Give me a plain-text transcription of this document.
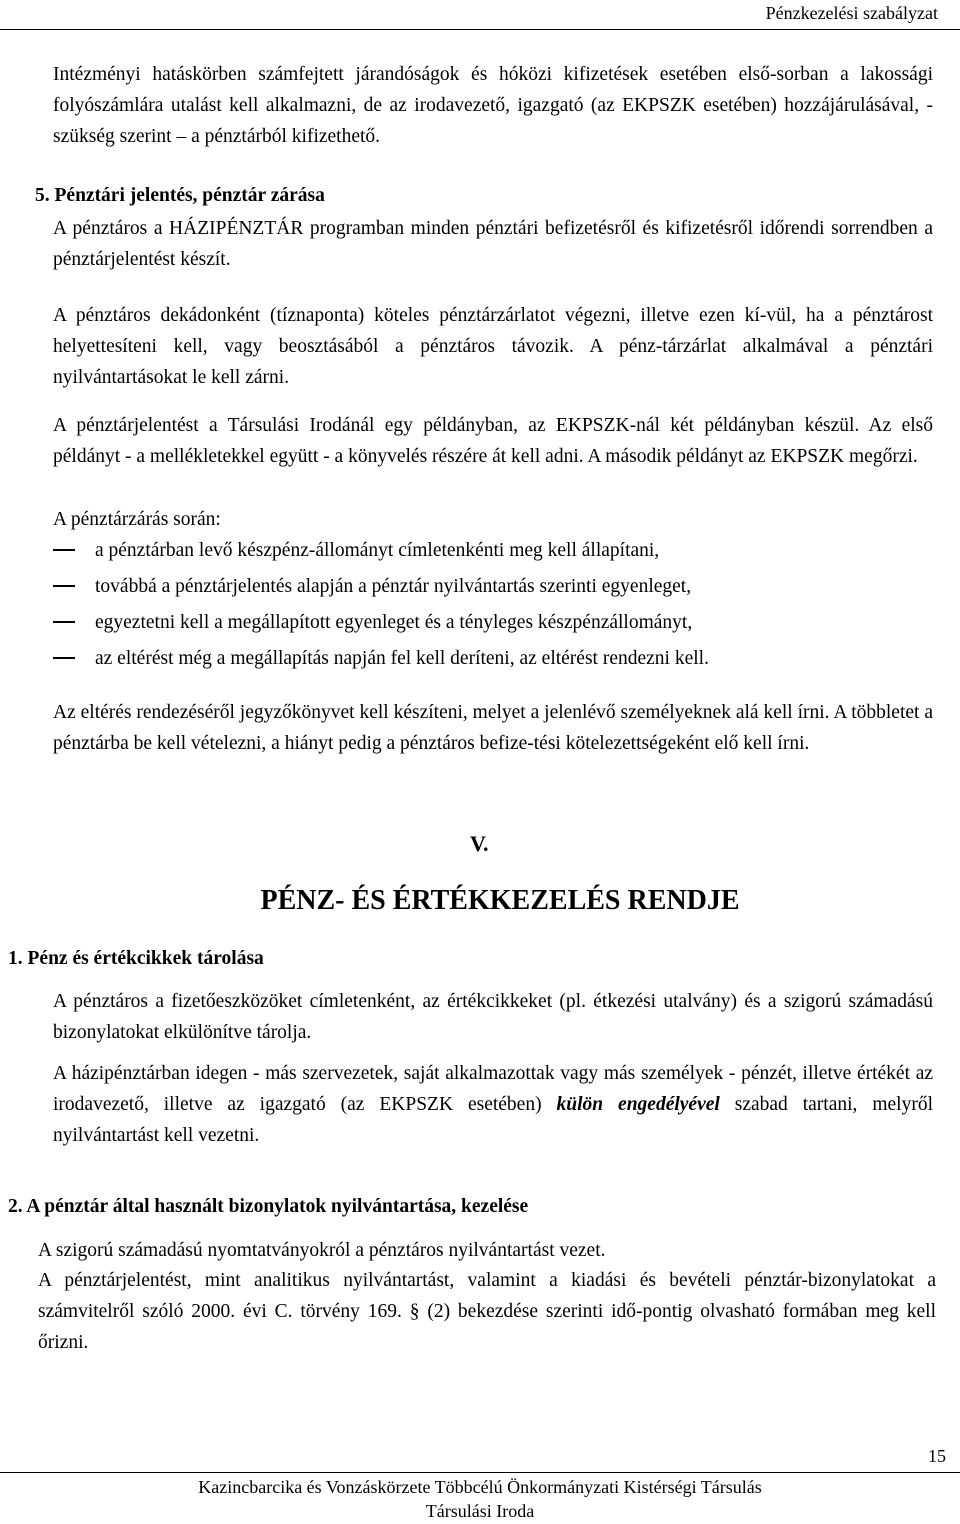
Pénzkezelési szabályzat

Intézményi hatáskörben számfejtett járandóságok és hóközi kifizetések esetében első-sorban a lakossági folyószámlára utalást kell alkalmazni, de az irodavezető, igazgató (az EKPSZK esetében) hozzájárulásával, - szükség szerint – a pénztárból kifizethető.

5. Pénztári jelentés, pénztár zárása

A pénztáros a HÁZIPÉNZTÁR programban minden pénztári befizetésről és kifizetésről időrendi sorrendben a pénztárjelentést készít.

A pénztáros dekádonként (tíznaponta) köteles pénztárzárlatot végezni, illetve ezen kí-vül, ha a pénztárost helyettesíteni kell, vagy beosztásából a pénztáros távozik. A pénz-tárzárlat alkalmával a pénztári nyilvántartásokat le kell zárni.

A pénztárjelentést a Társulási Irodánál egy példányban, az EKPSZK-nál két példányban készül. Az első példányt - a mellékletekkel együtt - a könyvelés részére át kell adni. A második példányt az EKPSZK megőrzi.

A pénztárzárás során:

a pénztárban levő készpénz-állományt címletenkénti meg kell állapítani,
továbbá a pénztárjelentés alapján a pénztár nyilvántartás szerinti egyenleget,
egyeztetni kell a megállapított egyenleget és a tényleges készpénzállományt,
az eltérést még a megállapítás napján fel kell deríteni, az eltérést rendezni kell.

Az eltérés rendezéséről jegyzőkönyvet kell készíteni, melyet a jelenlévő személyeknek alá kell írni. A többletet a pénztárba be kell vételezni, a hiányt pedig a pénztáros befize-tési kötelezettségeként elő kell írni.

V.
PÉNZ- ÉS ÉRTÉKKEZELÉS RENDJE
1. Pénz és értékcikkek tárolása

A pénztáros a fizetőeszközöket címletenként, az értékcikkeket (pl. étkezési utalvány) és a szigorú számadású bizonylatokat elkülönítve tárolja.

A házipénztárban idegen - más szervezetek, saját alkalmazottak vagy más személyek - pénzét, illetve értékét az irodavezető, illetve az igazgató (az EKPSZK esetében) külön engedélyével szabad tartani, melyről nyilvántartást kell vezetni.

2. A pénztár által használt bizonylatok nyilvántartása, kezelése

A szigorú számadású nyomtatványokról a pénztáros nyilvántartást vezet.

A pénztárjelentést, mint analitikus nyilvántartást, valamint a kiadási és bevételi pénztár-bizonylatokat a számvitelről szóló 2000. évi C. törvény 169. § (2) bekezdése szerinti idő-pontig olvasható formában meg kell őrizni.

15
Kazincbarcika és Vonzáskörzete Többcélú Önkormányzati Kistérségi Társulás
Társulási Iroda
